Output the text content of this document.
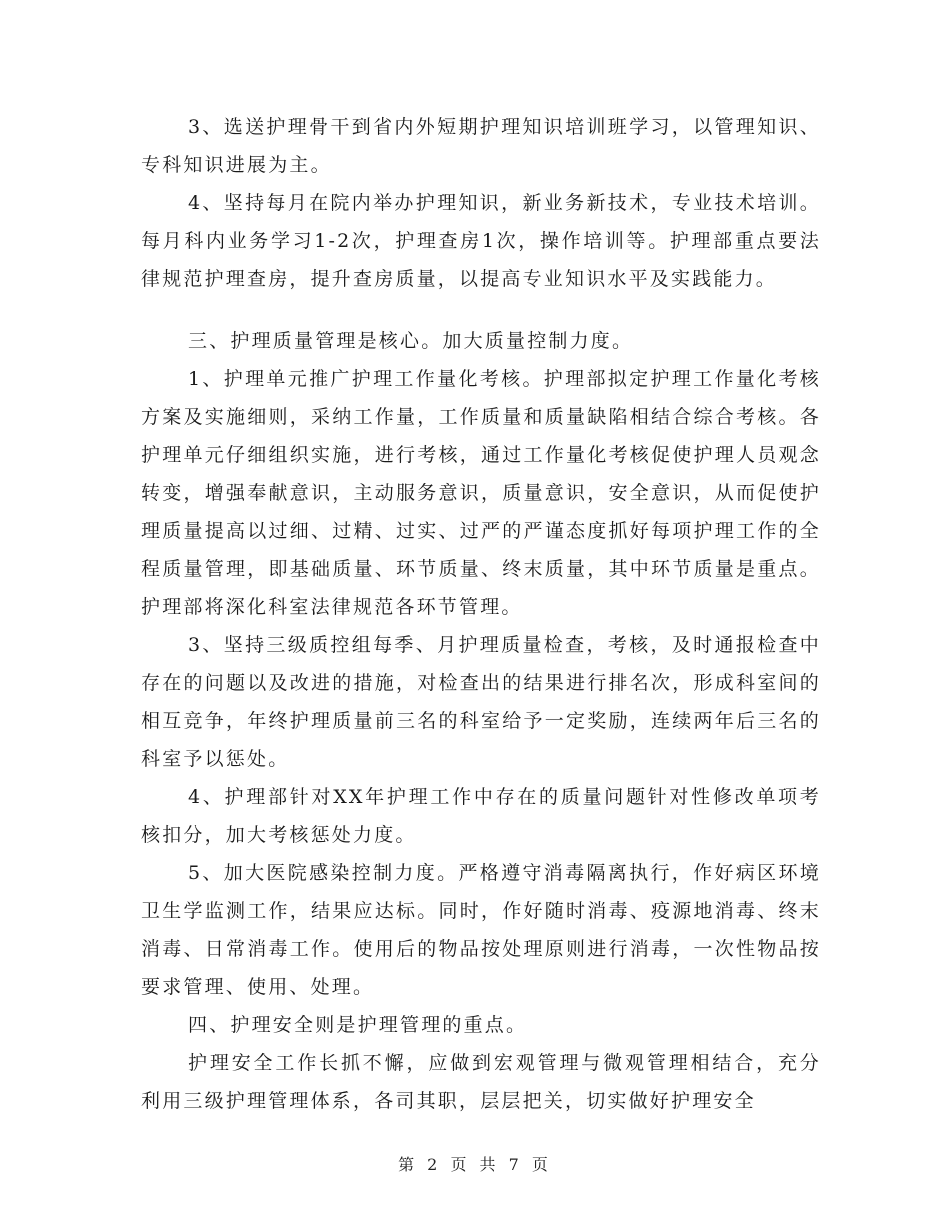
3、选送护理骨干到省内外短期护理知识培训班学习，以管理知识、专科知识进展为主。

4、坚持每月在院内举办护理知识，新业务新技术，专业技术培训。每月科内业务学习1-2次，护理查房1次，操作培训等。护理部重点要法律规范护理查房，提升查房质量，以提高专业知识水平及实践能力。

三、护理质量管理是核心。加大质量控制力度。

1、护理单元推广护理工作量化考核。护理部拟定护理工作量化考核方案及实施细则，采纳工作量，工作质量和质量缺陷相结合综合考核。各护理单元仔细组织实施，进行考核，通过工作量化考核促使护理人员观念转变，增强奉献意识，主动服务意识，质量意识，安全意识，从而促使护理质量提高以过细、过精、过实、过严的严谨态度抓好每项护理工作的全程质量管理，即基础质量、环节质量、终末质量，其中环节质量是重点。护理部将深化科室法律规范各环节管理。

3、坚持三级质控组每季、月护理质量检查，考核，及时通报检查中存在的问题以及改进的措施，对检查出的结果进行排名次，形成科室间的相互竞争，年终护理质量前三名的科室给予一定奖励，连续两年后三名的科室予以惩处。

4、护理部针对XX年护理工作中存在的质量问题针对性修改单项考核扣分，加大考核惩处力度。

5、加大医院感染控制力度。严格遵守消毒隔离执行，作好病区环境卫生学监测工作，结果应达标。同时，作好随时消毒、疫源地消毒、终末消毒、日常消毒工作。使用后的物品按处理原则进行消毒，一次性物品按要求管理、使用、处理。

四、护理安全则是护理管理的重点。

护理安全工作长抓不懈，应做到宏观管理与微观管理相结合，充分利用三级护理管理体系，各司其职，层层把关，切实做好护理安全

第 2 页 共 7 页
